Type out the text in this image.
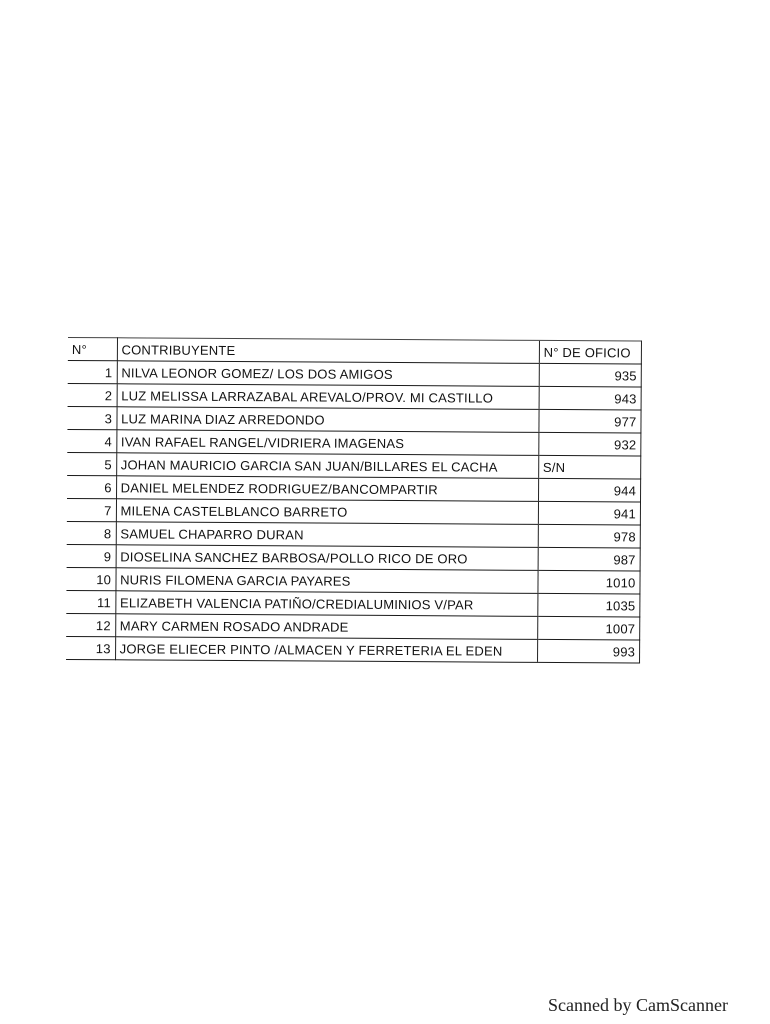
N°	CONTRIBUYENTE	N° DE OFICIO
1	NILVA LEONOR GOMEZ/ LOS DOS AMIGOS	935
2	LUZ MELISSA LARRAZABAL AREVALO/PROV. MI CASTILLO	943
3	LUZ MARINA DIAZ ARREDONDO	977
4	IVAN RAFAEL RANGEL/VIDRIERA IMAGENAS	932
5	JOHAN MAURICIO GARCIA SAN JUAN/BILLARES EL CACHA	S/N
6	DANIEL MELENDEZ RODRIGUEZ/BANCOMPARTIR	944
7	MILENA CASTELBLANCO BARRETO	941
8	SAMUEL CHAPARRO DURAN	978
9	DIOSELINA SANCHEZ BARBOSA/POLLO RICO DE ORO	987
10	NURIS FILOMENA GARCIA PAYARES	1010
11	ELIZABETH VALENCIA PATIÑO/CREDIALUMINIOS V/PAR	1035
12	MARY CARMEN ROSADO ANDRADE	1007
13	JORGE ELIECER PINTO /ALMACEN Y FERRETERIA EL EDEN	993
Scanned by CamScanner
